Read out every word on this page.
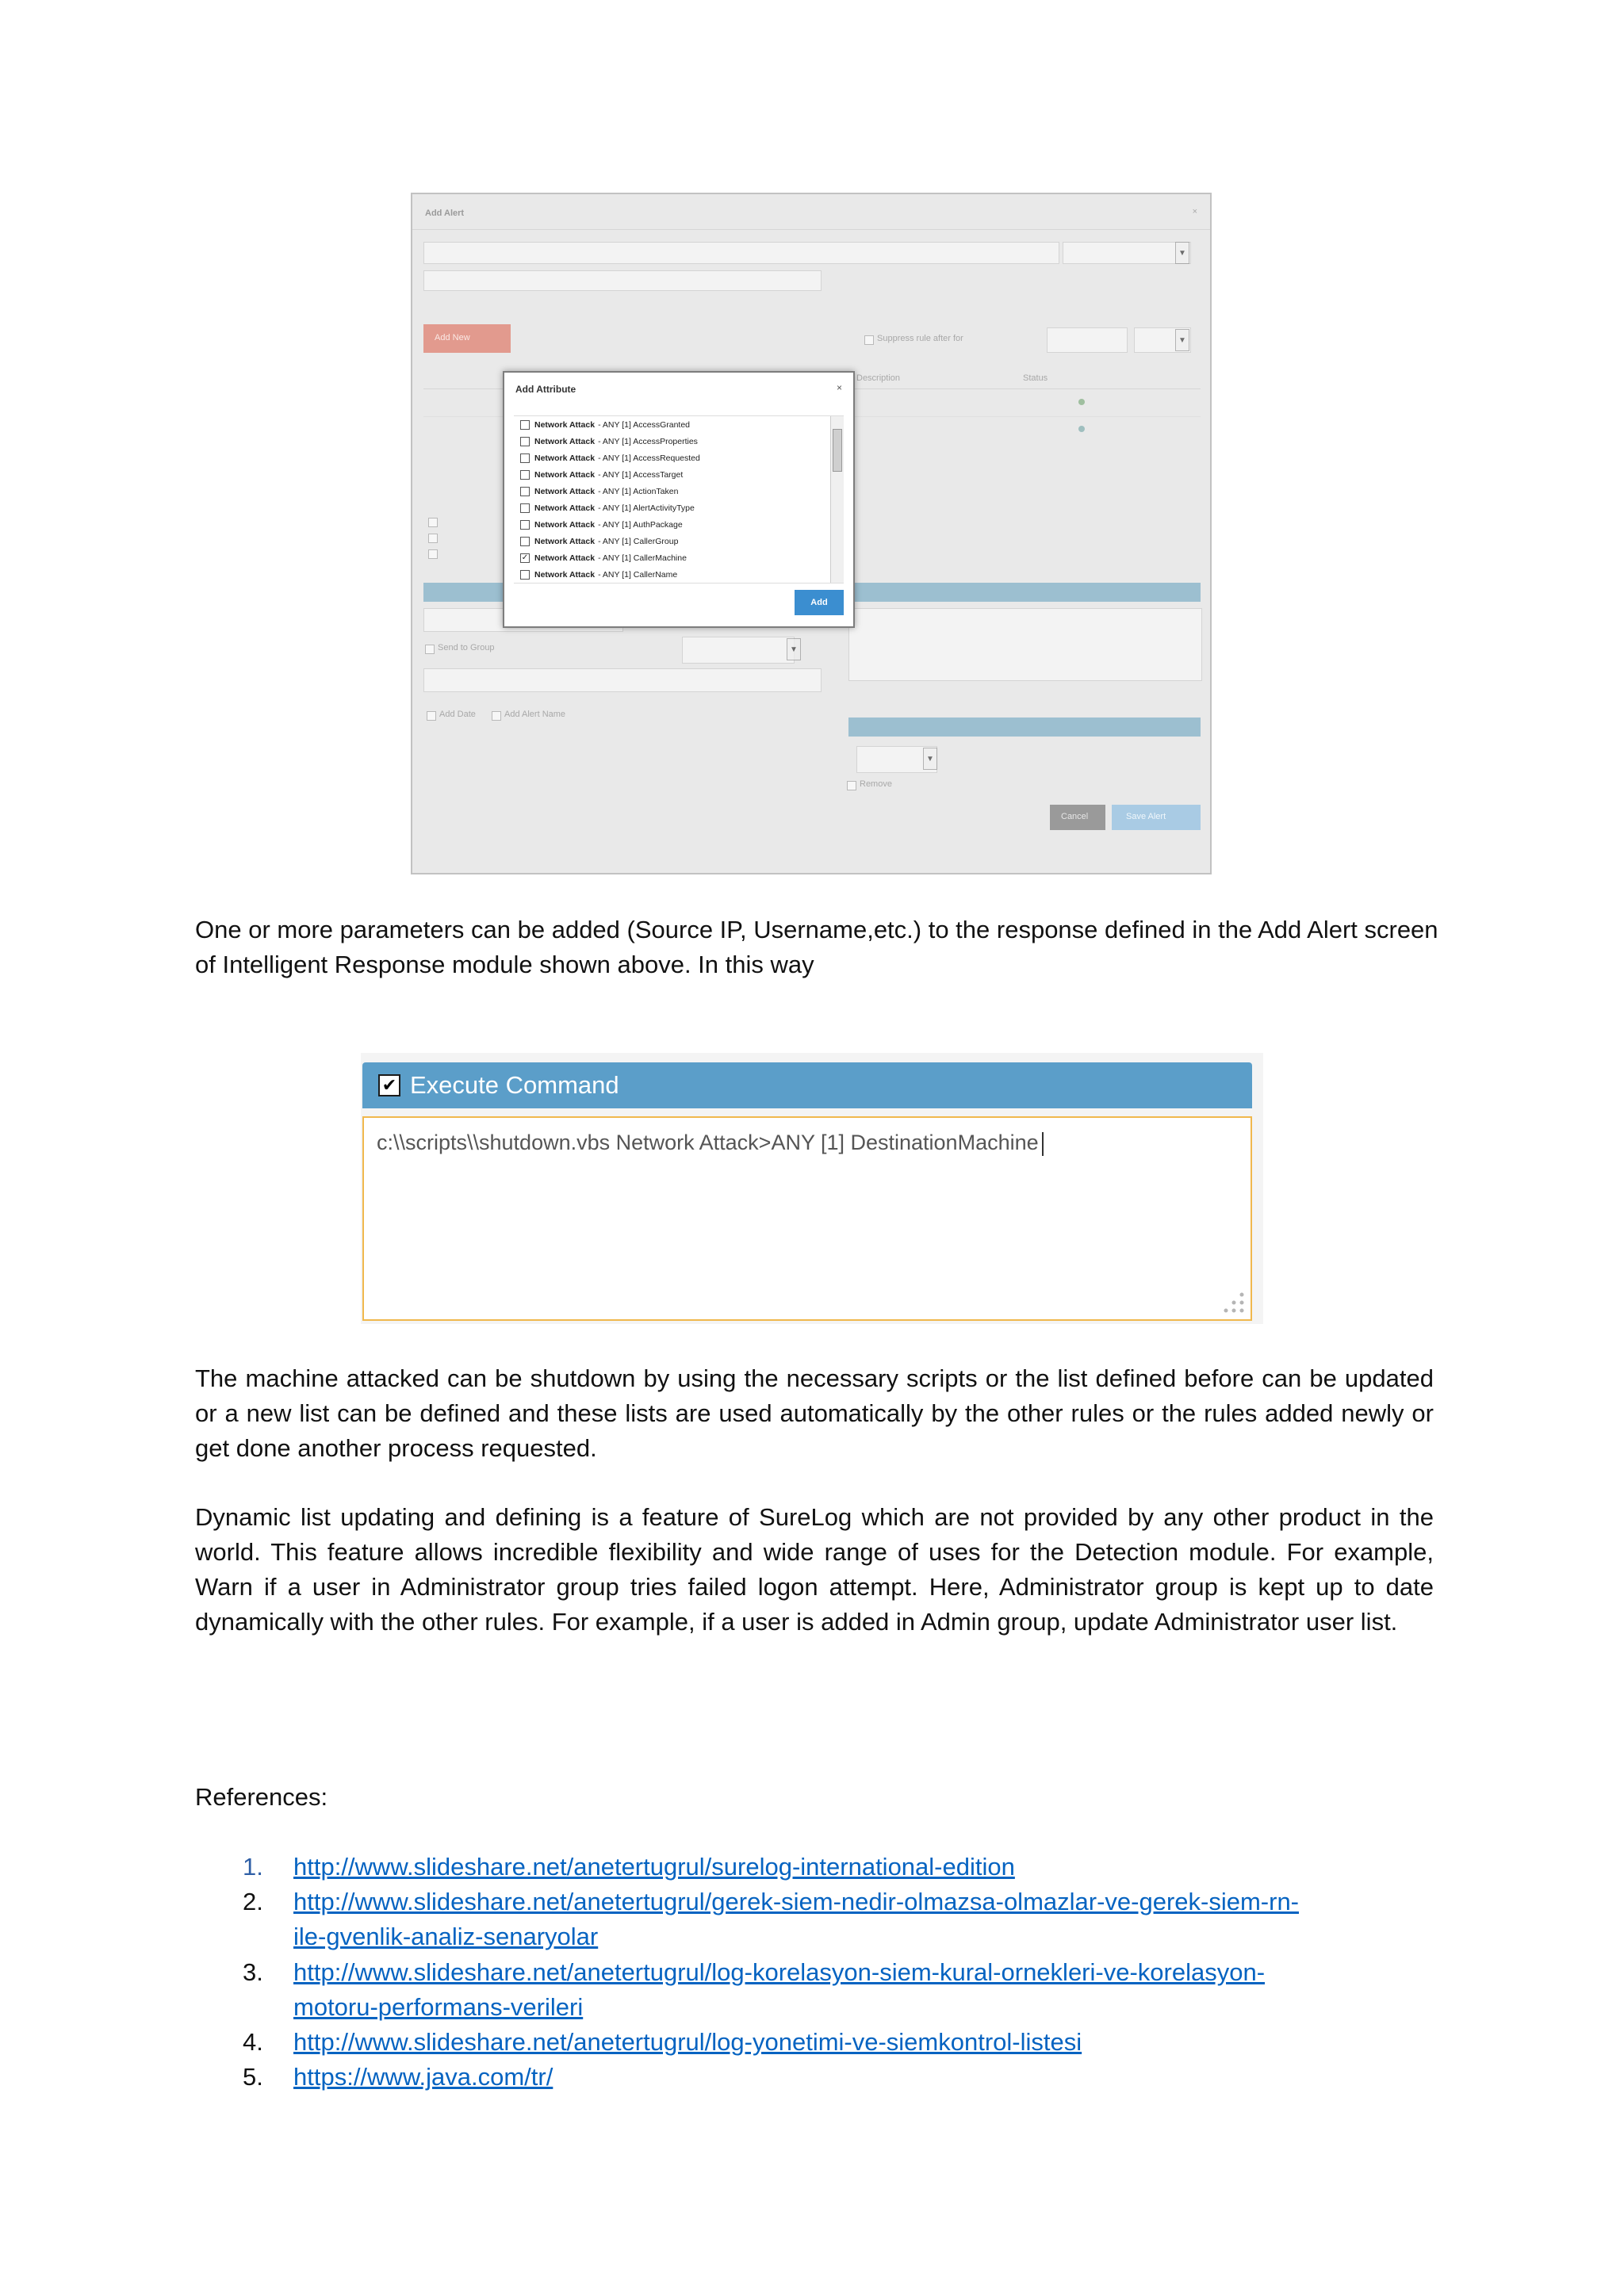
Add Alert	×
▼
Add New	Suppress rule after for	▼
Description	Status
Send to Group	▼
Add Date	Add Alert Name
▼
Remove
Cancel	Save Alert
Add Attribute	×
Network Attack - ANY [1] AccessGranted
Network Attack - ANY [1] AccessProperties
Network Attack - ANY [1] AccessRequested
Network Attack - ANY [1] AccessTarget
Network Attack - ANY [1] ActionTaken
Network Attack - ANY [1] AlertActivityType
Network Attack - ANY [1] AuthPackage
Network Attack - ANY [1] CallerGroup
✓ Network Attack - ANY [1] CallerMachine
Network Attack - ANY [1] CallerName
Add
One or more parameters can be added (Source IP, Username,etc.) to the response defined in the Add Alert screen of Intelligent Response module shown above. In this way
✔ Execute Command
c:\\scripts\\shutdown.vbs Network Attack>ANY [1] DestinationMachine
The machine attacked can be shutdown by using the necessary scripts or the list defined before can be updated or a new list can be defined and these lists are used automatically by the other rules or the rules added newly or get done another process requested.
Dynamic list updating and defining is a feature of SureLog which are not provided by any other product in the world. This feature allows incredible flexibility and wide range of uses for the Detection module. For example, Warn if a user in Administrator group tries failed logon attempt. Here, Administrator group is kept up to date dynamically with the other rules. For example, if a user is added in Admin group, update Administrator user list.
References:
1.	http://www.slideshare.net/anetertugrul/surelog-international-edition
2.	http://www.slideshare.net/anetertugrul/gerek-siem-nedir-olmazsa-olmazlar-ve-gerek-siem-rn-
ile-gvenlik-analiz-senaryolar
3.	http://www.slideshare.net/anetertugrul/log-korelasyon-siem-kural-ornekleri-ve-korelasyon-
motoru-performans-verileri
4.	http://www.slideshare.net/anetertugrul/log-yonetimi-ve-siemkontrol-listesi
5.	https://www.java.com/tr/
